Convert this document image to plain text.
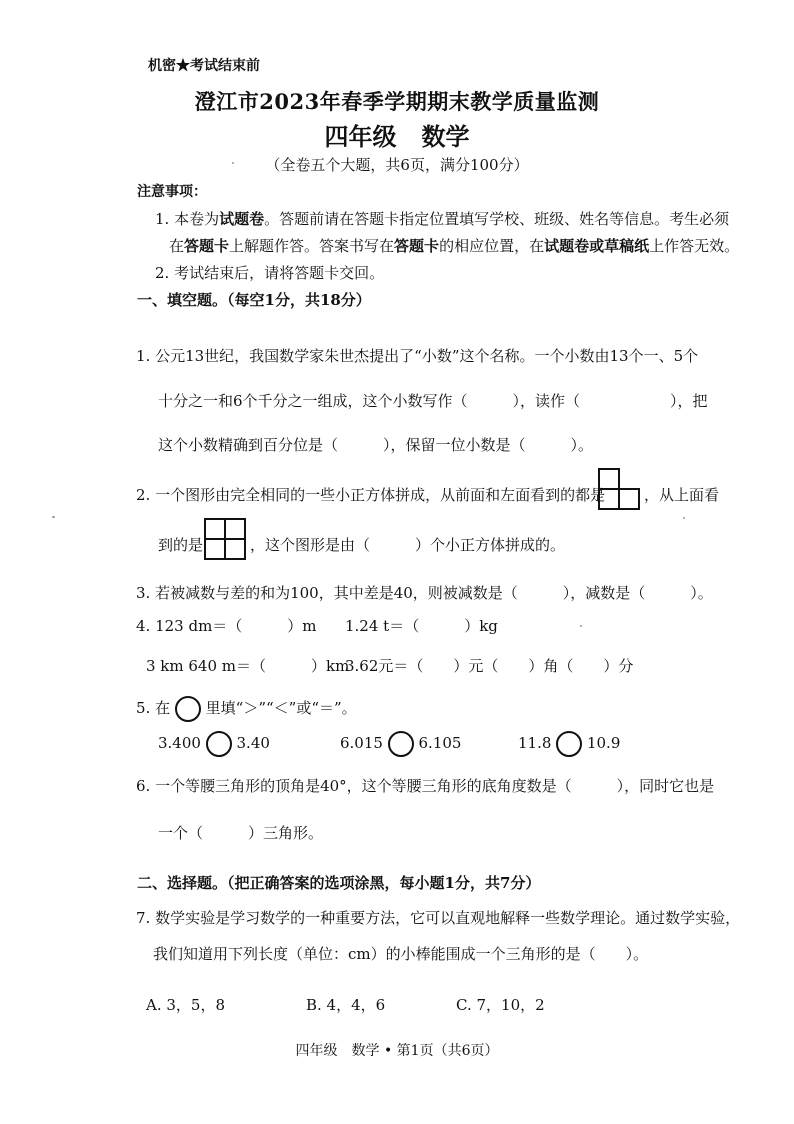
机密★考试结束前
澄江市2023年春季学期期末教学质量监测
四年级   数学
（全卷五个大题，共6页，满分100分）
注意事项：
1. 本卷为试题卷。答题前请在答题卡指定位置填写学校、班级、姓名等信息。考生必须
在答题卡上解题作答。答案书写在答题卡的相应位置，在试题卷或草稿纸上作答无效。
2. 考试结束后，请将答题卡交回。
一、填空题。（每空1分，共18分）
1. 公元13世纪，我国数学家朱世杰提出了“小数”这个名称。一个小数由13个一、5个
十分之一和6个千分之一组成，这个小数写作（　　　），读作（　　　　　　），把
这个小数精确到百分位是（　　　），保留一位小数是（　　　）。
2. 一个图形由完全相同的一些小正方体拼成，从前面和左面看到的都是	，从上面看
到的是	，这个图形是由（　　　）个小正方体拼成的。
3. 若被减数与差的和为100，其中差是40，则被减数是（　　　），减数是（　　　）。
4. 123 dm＝（　　　）m 1.24 t＝（　　　）kg
3 km 640 m＝（　　　）km
3.62元＝（　　）元（　　）角（　　）分
5. 在 里填“＞”“＜”或“＝”。
3.400 3.40	6.015 6.105	11.8 10.9
6. 一个等腰三角形的顶角是40°，这个等腰三角形的底角度数是（　　　），同时它也是
一个（　　　）三角形。
二、选择题。（把正确答案的选项涂黑，每小题1分，共7分）
7. 数学实验是学习数学的一种重要方法，它可以直观地解释一些数学理论。通过数学实验，
我们知道用下列长度（单位：cm）的小棒能围成一个三角形的是（　　）。
A. 3，5，8	B. 4，4，6	C. 7，10，2
四年级　数学 • 第1页（共6页）
